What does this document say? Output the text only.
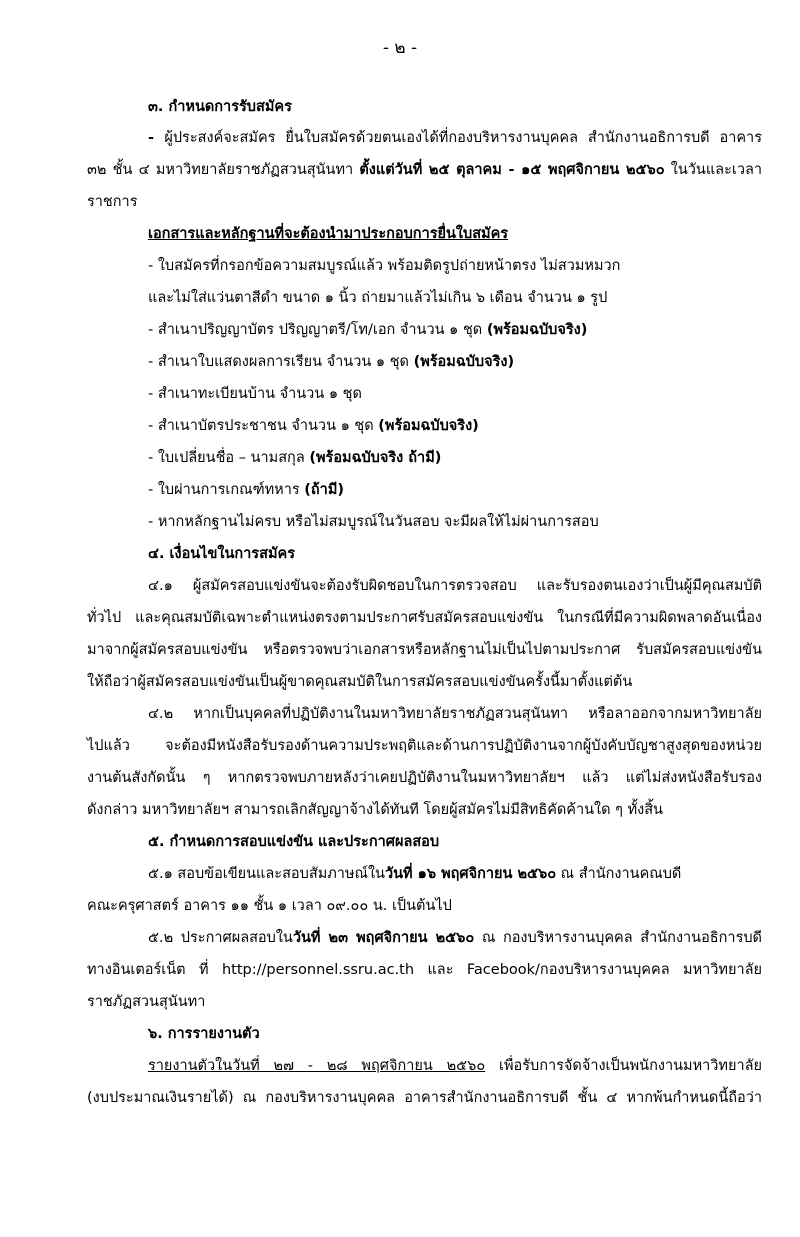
- ๒ -
๓. กำหนดการรับสมัคร
- ผู้ประสงค์จะสมัคร ยื่นใบสมัครด้วยตนเองได้ที่กองบริหารงานบุคคล สำนักงานอธิการบดี อาคาร
๓๒ ชั้น ๔ มหาวิทยาลัยราชภัฏสวนสุนันทา ตั้งแต่วันที่ ๒๕ ตุลาคม - ๑๕ พฤศจิกายน ๒๕๖๐ ในวันและเวลา
ราชการ
เอกสารและหลักฐานที่จะต้องนำมาประกอบการยื่นใบสมัคร
- ใบสมัครที่กรอกข้อความสมบูรณ์แล้ว พร้อมติดรูปถ่ายหน้าตรง ไม่สวมหมวก
และไม่ใส่แว่นตาสีดำ ขนาด ๑ นิ้ว ถ่ายมาแล้วไม่เกิน ๖ เดือน จำนวน ๑ รูป
- สำเนาปริญญาบัตร ปริญญาตรี/โท/เอก จำนวน ๑ ชุด (พร้อมฉบับจริง)
- สำเนาใบแสดงผลการเรียน จำนวน ๑ ชุด (พร้อมฉบับจริง)
- สำเนาทะเบียนบ้าน จำนวน ๑ ชุด
- สำเนาบัตรประชาชน จำนวน ๑ ชุด (พร้อมฉบับจริง)
- ใบเปลี่ยนชื่อ – นามสกุล (พร้อมฉบับจริง ถ้ามี)
- ใบผ่านการเกณฑ์ทหาร (ถ้ามี)
- หากหลักฐานไม่ครบ หรือไม่สมบูรณ์ในวันสอบ จะมีผลให้ไม่ผ่านการสอบ
๔. เงื่อนไขในการสมัคร
๔.๑ ผู้สมัครสอบแข่งขันจะต้องรับผิดชอบในการตรวจสอบ และรับรองตนเองว่าเป็นผู้มีคุณสมบัติ
ทั่วไป และคุณสมบัติเฉพาะตำแหน่งตรงตามประกาศรับสมัครสอบแข่งขัน ในกรณีที่มีความผิดพลาดอันเนื่อง
มาจากผู้สมัครสอบแข่งขัน หรือตรวจพบว่าเอกสารหรือหลักฐานไม่เป็นไปตามประกาศ รับสมัครสอบแข่งขัน
ให้ถือว่าผู้สมัครสอบแข่งขันเป็นผู้ขาดคุณสมบัติในการสมัครสอบแข่งขันครั้งนี้มาตั้งแต่ต้น
๔.๒ หากเป็นบุคคลที่ปฏิบัติงานในมหาวิทยาลัยราชภัฏสวนสุนันทา หรือลาออกจากมหาวิทยาลัย
ไปแล้ว จะต้องมีหนังสือรับรองด้านความประพฤติและด้านการปฏิบัติงานจากผู้บังคับบัญชาสูงสุดของหน่วย
งานต้นสังกัดนั้น ๆ หากตรวจพบภายหลังว่าเคยปฏิบัติงานในมหาวิทยาลัยฯ แล้ว แต่ไม่ส่งหนังสือรับรอง
ดังกล่าว มหาวิทยาลัยฯ สามารถเลิกสัญญาจ้างได้ทันที โดยผู้สมัครไม่มีสิทธิคัดค้านใด ๆ ทั้งสิ้น
๕. กำหนดการสอบแข่งขัน และประกาศผลสอบ
๕.๑ สอบข้อเขียนและสอบสัมภาษณ์ในวันที่ ๑๖ พฤศจิกายน ๒๕๖๐ ณ สำนักงานคณบดี
คณะครุศาสตร์ อาคาร ๑๑ ชั้น ๑ เวลา ๐๙.๐๐ น. เป็นต้นไป
๕.๒ ประกาศผลสอบในวันที่ ๒๓ พฤศจิกายน ๒๕๖๐ ณ กองบริหารงานบุคคล สำนักงานอธิการบดี
ทางอินเตอร์เน็ต ที่ http://personnel.ssru.ac.th และ Facebook/กองบริหารงานบุคคล มหาวิทยาลัย
ราชภัฏสวนสุนันทา
๖. การรายงานตัว
รายงานตัวในวันที่ ๒๗ - ๒๘ พฤศจิกายน ๒๕๖๐ เพื่อรับการจัดจ้างเป็นพนักงานมหาวิทยาลัย
(งบประมาณเงินรายได้) ณ กองบริหารงานบุคคล อาคารสำนักงานอธิการบดี ชั้น ๔ หากพ้นกำหนดนี้ถือว่า
